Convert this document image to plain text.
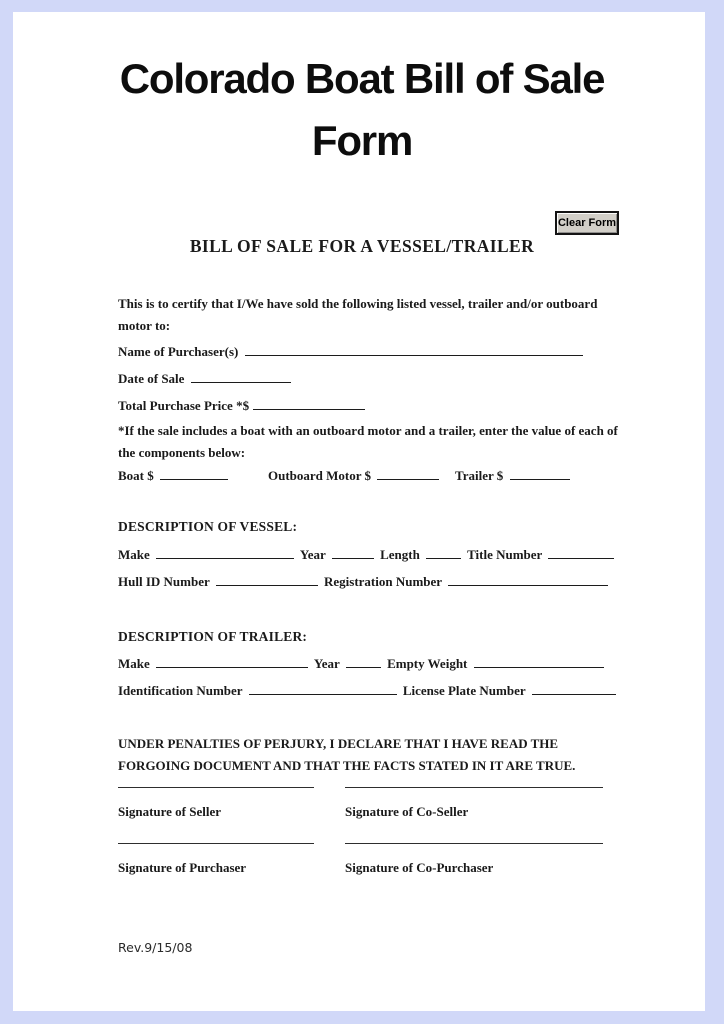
Colorado Boat Bill of Sale
Form
Clear Form
BILL OF SALE FOR A VESSEL/TRAILER
This is to certify that I/We have sold the following listed vessel, trailer and/or outboard
motor to:
Name of Purchaser(s)
Date of Sale
Total Purchase Price *$
*If the sale includes a boat with an outboard motor and a trailer, enter the value of each of
the components below:
Boat $	Outboard Motor $	Trailer $
DESCRIPTION OF VESSEL:
Make	Year	Length	Title Number
Hull ID Number	Registration Number
DESCRIPTION OF TRAILER:
Make	Year	Empty Weight
Identification Number	License Plate Number
UNDER PENALTIES OF PERJURY, I DECLARE THAT I HAVE READ THE
FORGOING DOCUMENT AND THAT THE FACTS STATED IN IT ARE TRUE.
Signature of Seller	Signature of Co-Seller
Signature of Purchaser	Signature of Co-Purchaser
Rev.9/15/08
